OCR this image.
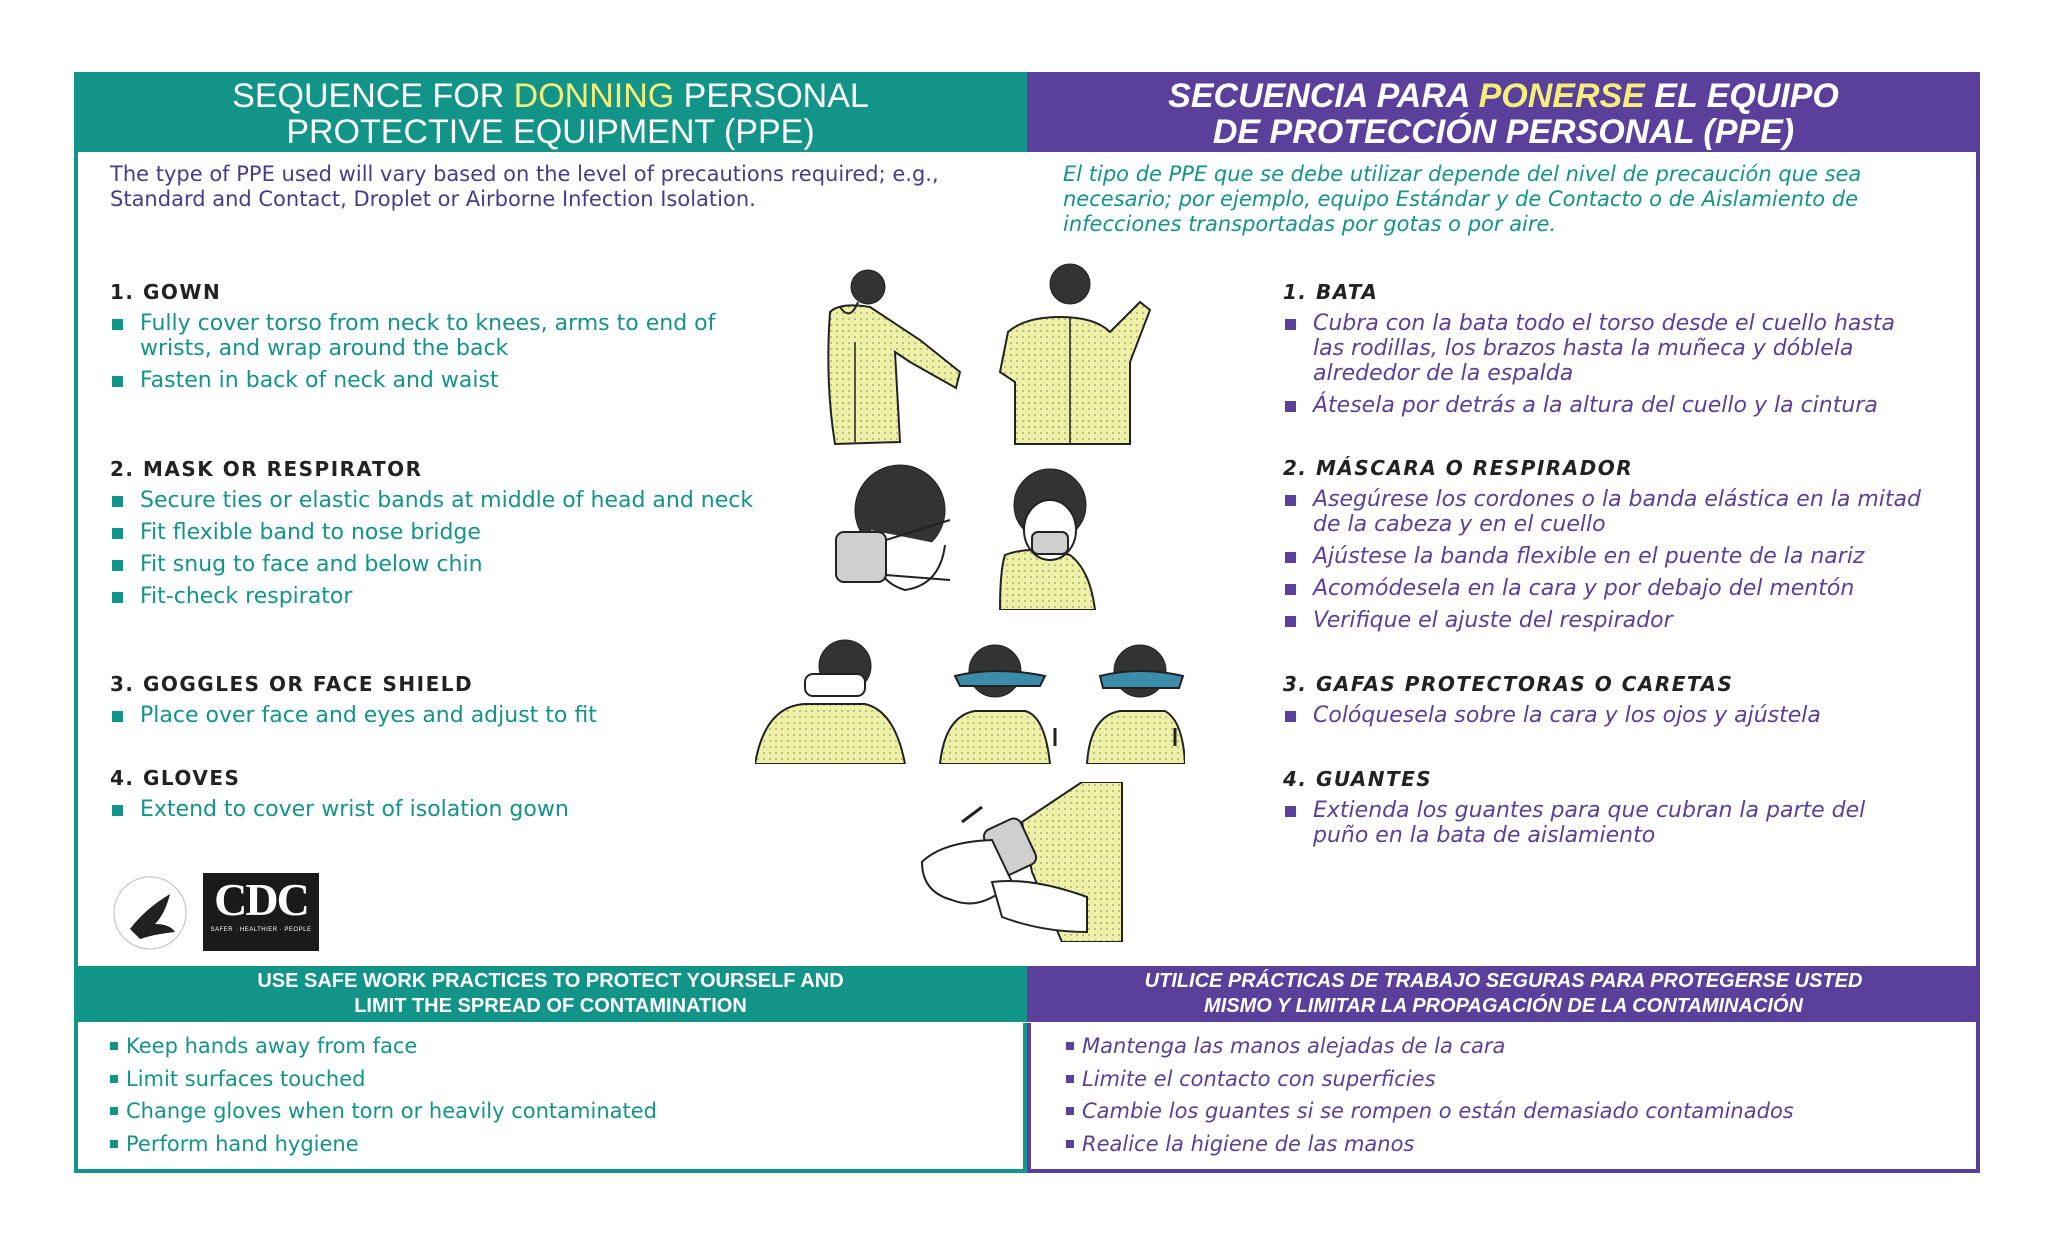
SEQUENCE FOR DONNING PERSONAL
PROTECTIVE EQUIPMENT (PPE)
SECUENCIA PARA PONERSE EL EQUIPO
DE PROTECCIÓN PERSONAL (PPE)
The type of PPE used will vary based on the level of precautions required; e.g., Standard and Contact, Droplet or Airborne Infection Isolation.
El tipo de PPE que se debe utilizar depende del nivel de precaución que sea necesario; por ejemplo, equipo Estándar y de Contacto o de Aislamiento de infecciones transportadas por gotas o por aire.
1. GOWN
Fully cover torso from neck to knees, arms to end of wrists, and wrap around the back
Fasten in back of neck and waist
2. MASK OR RESPIRATOR
Secure ties or elastic bands at middle of head and neck
Fit flexible band to nose bridge
Fit snug to face and below chin
Fit-check respirator
3. GOGGLES OR FACE SHIELD
Place over face and eyes and adjust to fit
4. GLOVES
Extend to cover wrist of isolation gown
1. BATA
Cubra con la bata todo el torso desde el cuello hasta las rodillas, los brazos hasta la muñeca y dóblela alrededor de la espalda
Átesela por detrás a la altura del cuello y la cintura
2. MÁSCARA O RESPIRADOR
Asegúrese los cordones o la banda elástica en la mitad de la cabeza y en el cuello
Ajústese la banda flexible en el puente de la nariz
Acomódesela en la cara y por debajo del mentón
Verifique el ajuste del respirador
3. GAFAS PROTECTORAS O CARETAS
Colóquesela sobre la cara y los ojos y ajústela
4. GUANTES
Extienda los guantes para que cubran la parte del puño en la bata de aislamiento
CDC
SAFER · HEALTHIER · PEOPLE
USE SAFE WORK PRACTICES TO PROTECT YOURSELF AND
LIMIT THE SPREAD OF CONTAMINATION
UTILICE PRÁCTICAS DE TRABAJO SEGURAS PARA PROTEGERSE USTED
MISMO Y LIMITAR LA PROPAGACIÓN DE LA CONTAMINACIÓN
Keep hands away from face
Limit surfaces touched
Change gloves when torn or heavily contaminated
Perform hand hygiene
Mantenga las manos alejadas de la cara
Limite el contacto con superficies
Cambie los guantes si se rompen o están demasiado contaminados
Realice la higiene de las manos
